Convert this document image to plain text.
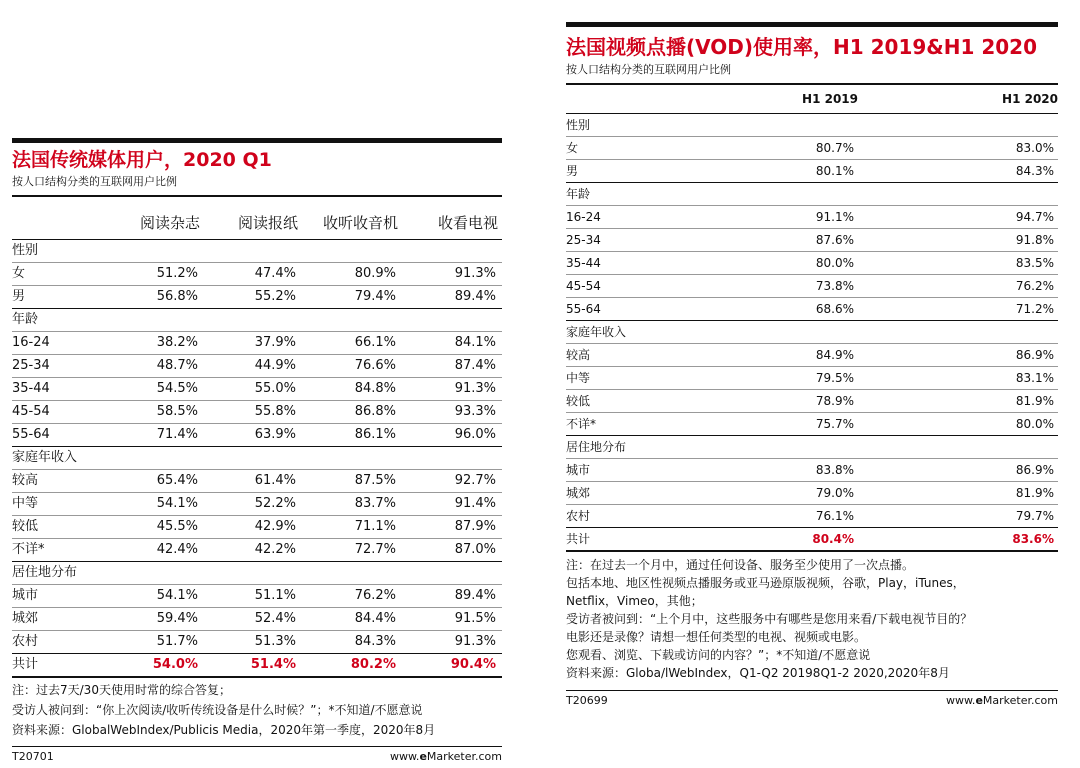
法国传统媒体用户，2020 Q1
按人口结构分类的互联网用户比例
	阅读杂志	阅读报纸	收听收音机	收看电视
性别				
女	51.2%	47.4%	80.9%	91.3%
男	56.8%	55.2%	79.4%	89.4%
年龄				
16-24	38.2%	37.9%	66.1%	84.1%
25-34	48.7%	44.9%	76.6%	87.4%
35-44	54.5%	55.0%	84.8%	91.3%
45-54	58.5%	55.8%	86.8%	93.3%
55-64	71.4%	63.9%	86.1%	96.0%
家庭年收入				
较高	65.4%	61.4%	87.5%	92.7%
中等	54.1%	52.2%	83.7%	91.4%
较低	45.5%	42.9%	71.1%	87.9%
不详*	42.4%	42.2%	72.7%	87.0%
居住地分布				
城市	54.1%	51.1%	76.2%	89.4%
城郊	59.4%	52.4%	84.4%	91.5%
农村	51.7%	51.3%	84.3%	91.3%
共计	54.0%	51.4%	80.2%	90.4%
注：过去7天/30天使用时常的综合答复；
受访人被问到：“你上次阅读/收听传统设备是什么时候？”；*不知道/不愿意说
资料来源：GlobalWebIndex/Publicis Media，2020年第一季度，2020年8月
T20701	www.eMarketer.com
法国视频点播(VOD)使用率，H1 2019&H1 2020
按人口结构分类的互联网用户比例
	H1 2019	H1 2020
性别		
女	80.7%	83.0%
男	80.1%	84.3%
年龄		
16-24	91.1%	94.7%
25-34	87.6%	91.8%
35-44	80.0%	83.5%
45-54	73.8%	76.2%
55-64	68.6%	71.2%
家庭年收入		
较高	84.9%	86.9%
中等	79.5%	83.1%
较低	78.9%	81.9%
不详*	75.7%	80.0%
居住地分布		
城市	83.8%	86.9%
城郊	79.0%	81.9%
农村	76.1%	79.7%
共计	80.4%	83.6%
注：在过去一个月中，通过任何设备、服务至少使用了一次点播。
包括本地、地区性视频点播服务或亚马逊原版视频，谷歌，Play，iTunes，
Netflix，Vimeo，其他；
受访者被问到：“上个月中，这些服务中有哪些是您用来看/下载电视节目的？
电影还是录像？请想一想任何类型的电视、视频或电影。
您观看、浏览、下载或访问的内容？”；*不知道/不愿意说
资料来源：Globa/lWebIndex，Q1-Q2 20198Q1-2 2020,2020年8月
T20699	www.eMarketer.com
